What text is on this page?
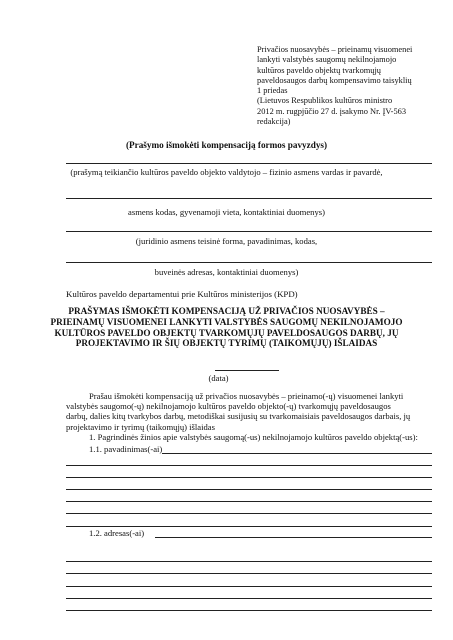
Privačios nuosavybės – prieinamų visuomenei
lankyti valstybės saugomų nekilnojamojo
kultūros paveldo objektų tvarkomųjų
paveldosaugos darbų kompensavimo taisyklių
1 priedas
(Lietuvos Respublikos kultūros ministro
2012 m. rugpjūčio 27 d. įsakymo Nr. ĮV-563
redakcija)
(Prašymo išmokėti kompensaciją formos pavyzdys)
(prašymą teikiančio kultūros paveldo objekto valdytojo – fizinio asmens vardas ir pavardė,
asmens kodas, gyvenamoji vieta, kontaktiniai duomenys)
(juridinio asmens teisinė forma, pavadinimas, kodas,
buveinės adresas, kontaktiniai duomenys)
Kultūros paveldo departamentui prie Kultūros ministerijos (KPD)
PRAŠYMAS IŠMOKĖTI KOMPENSACIJĄ UŽ PRIVAČIOS NUOSAVYBĖS –
PRIEINAMŲ VISUOMENEI LANKYTI VALSTYBĖS SAUGOMŲ NEKILNOJAMOJO
KULTŪROS PAVELDO OBJEKTŲ TVARKOMŲJŲ PAVELDOSAUGOS DARBŲ, JŲ
PROJEKTAVIMO IR ŠIŲ OBJEKTŲ TYRIMŲ (TAIKOMŲJŲ) IŠLAIDAS
(data)
Prašau išmokėti kompensaciją už privačios nuosavybės – prieinamo(-ų) visuomenei lankyti
valstybės saugomo(-ų) nekilnojamojo kultūros paveldo objekto(-ų) tvarkomųjų paveldosaugos
darbų, dalies kitų tvarkybos darbų, metodiškai susijusių su tvarkomaisiais paveldosaugos darbais, jų
projektavimo ir tyrimų (taikomųjų) išlaidas
1. Pagrindinės žinios apie valstybės saugomą(-us) nekilnojamojo kultūros paveldo objektą(-us):
1.1. pavadinimas(-ai)
1.2. adresas(-ai)
